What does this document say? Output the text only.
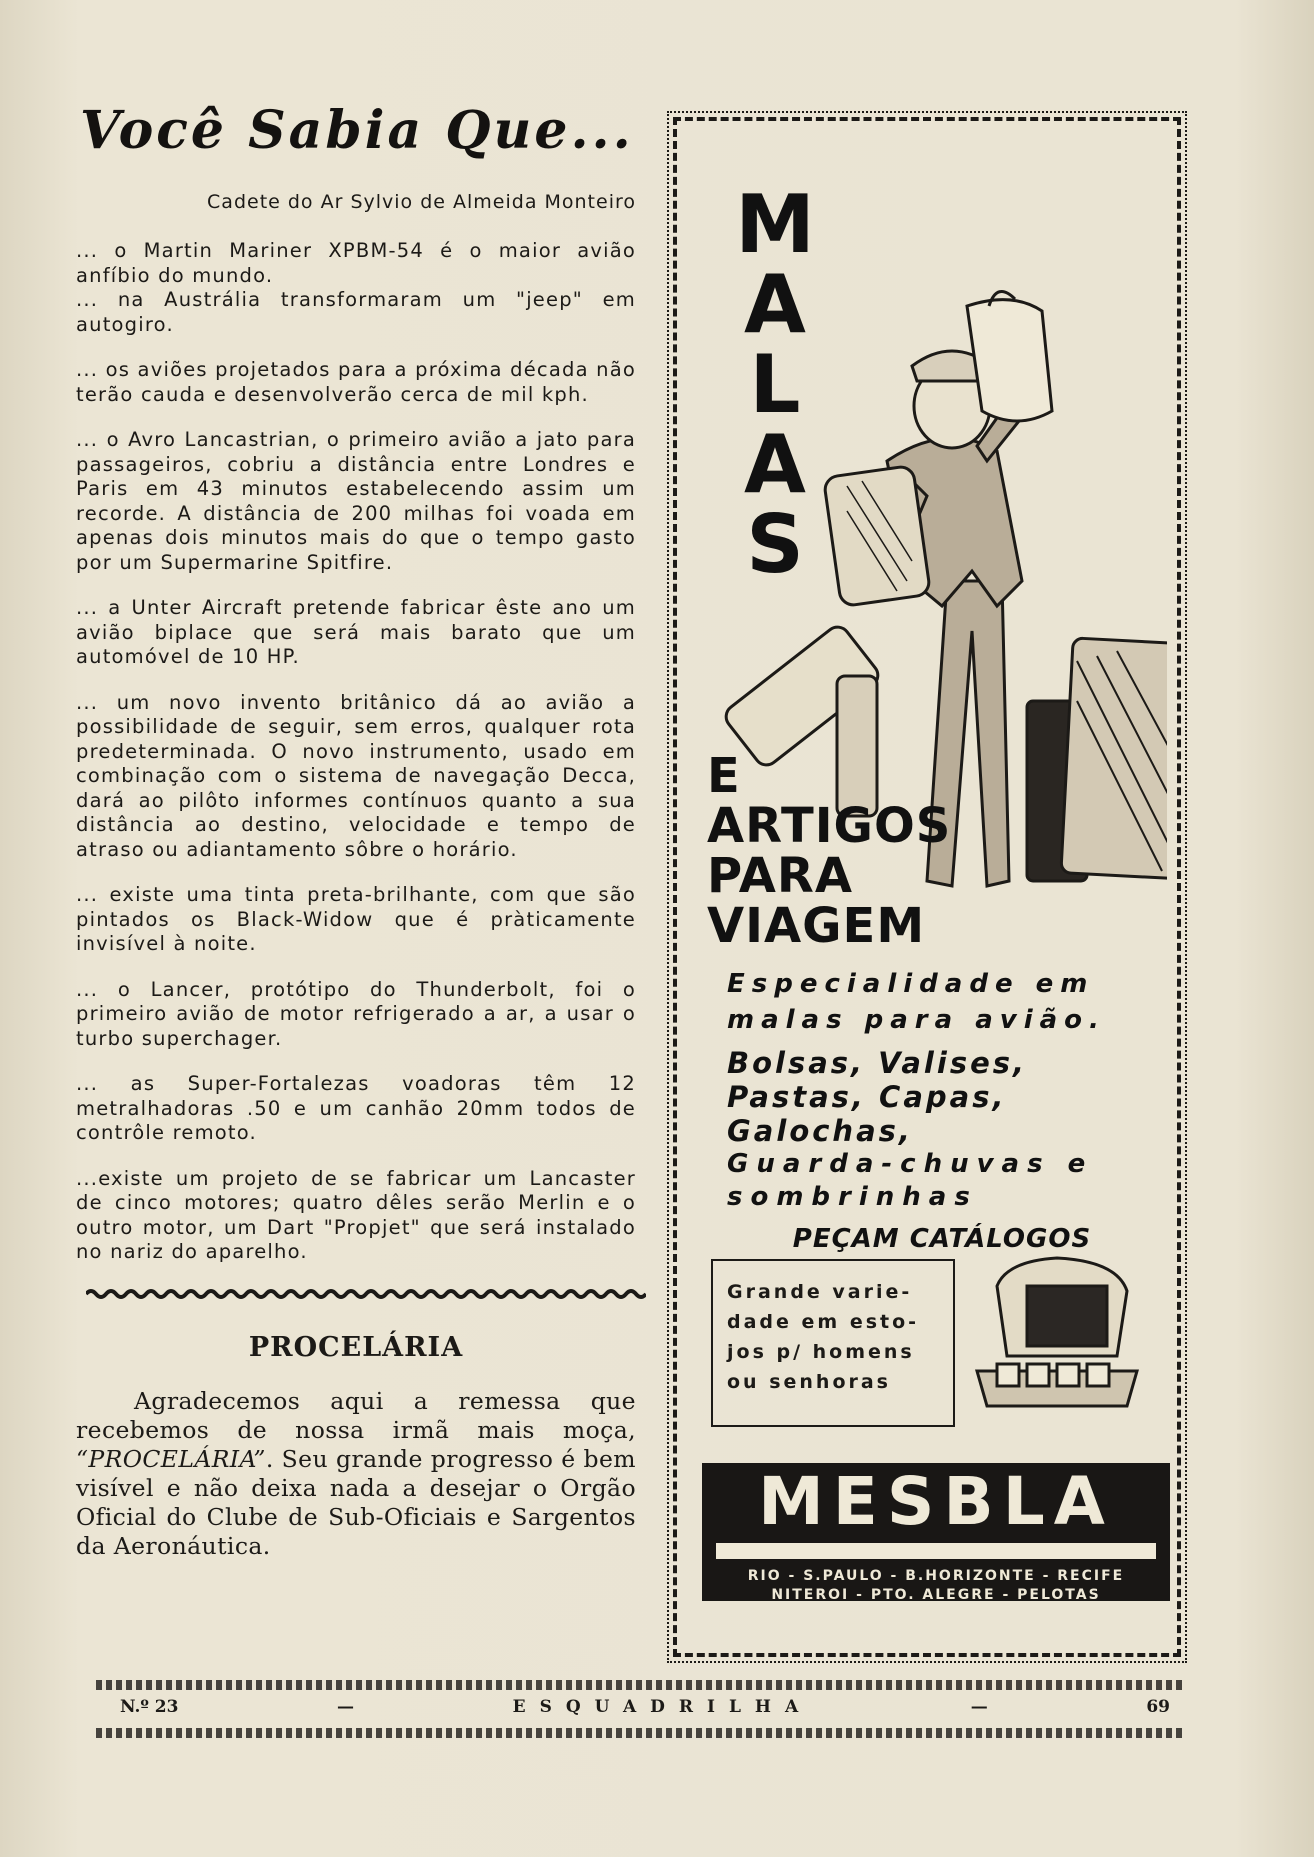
Você Sabia Que...
Cadete do Ar Sylvio de Almeida Monteiro

... o Martin Mariner XPBM-54 é o maior avião anfíbio do mundo.

... na Austrália transformaram um "jeep" em autogiro.

... os aviões projetados para a próxima década não terão cauda e desenvolverão cerca de mil kph.

... o Avro Lancastrian, o primeiro avião a jato para passageiros, cobriu a distância entre Londres e Paris em 43 minutos estabelecendo assim um recorde. A distância de 200 milhas foi voada em apenas dois minutos mais do que o tempo gasto por um Supermarine Spitfire.

... a Unter Aircraft pretende fabricar êste ano um avião biplace que será mais barato que um automóvel de 10 HP.

... um novo invento britânico dá ao avião a possibilidade de seguir, sem erros, qualquer rota predeterminada. O novo instrumento, usado em combinação com o sistema de navegação Decca, dará ao pilôto informes contínuos quanto a sua distância ao destino, velocidade e tempo de atraso ou adiantamento sôbre o horário.

... existe uma tinta preta-brilhante, com que são pintados os Black-Widow que é pràticamente invisível à noite.

... o Lancer, protótipo do Thunderbolt, foi o primeiro avião de motor refrigerado a ar, a usar o turbo superchager.

... as Super-Fortalezas voadoras têm 12 metralhadoras .50 e um canhão 20mm todos de contrôle remoto.

...existe um projeto de se fabricar um Lancaster de cinco motores; quatro dêles serão Merlin e o outro motor, um Dart "Propjet" que será instalado no nariz do aparelho.

PROCELÁRIA

Agradecemos aqui a remessa que recebemos de nossa irmã mais moça, “PROCELÁRIA”. Seu grande progresso é bem visível e não deixa nada a desejar o Orgão Oficial do Clube de Sub-Oficiais e Sargentos da Aeronáutica.

M
A
L
A
S
E
ARTIGOS
PARA
VIAGEM
Especialidade em
malas para avião.
Bolsas, Valises, Pastas, Capas, Galochas,
Guarda-chuvas e sombrinhas
PEÇAM CATÁLOGOS
Grande varie-
dade em esto-
jos p/ homens
ou senhoras
MESBLA
RIO - S.PAULO - B.HORIZONTE - RECIFE
NITEROI - PTO. ALEGRE - PELOTAS
N.º 23	—	ESQUADRILHA	—	69
